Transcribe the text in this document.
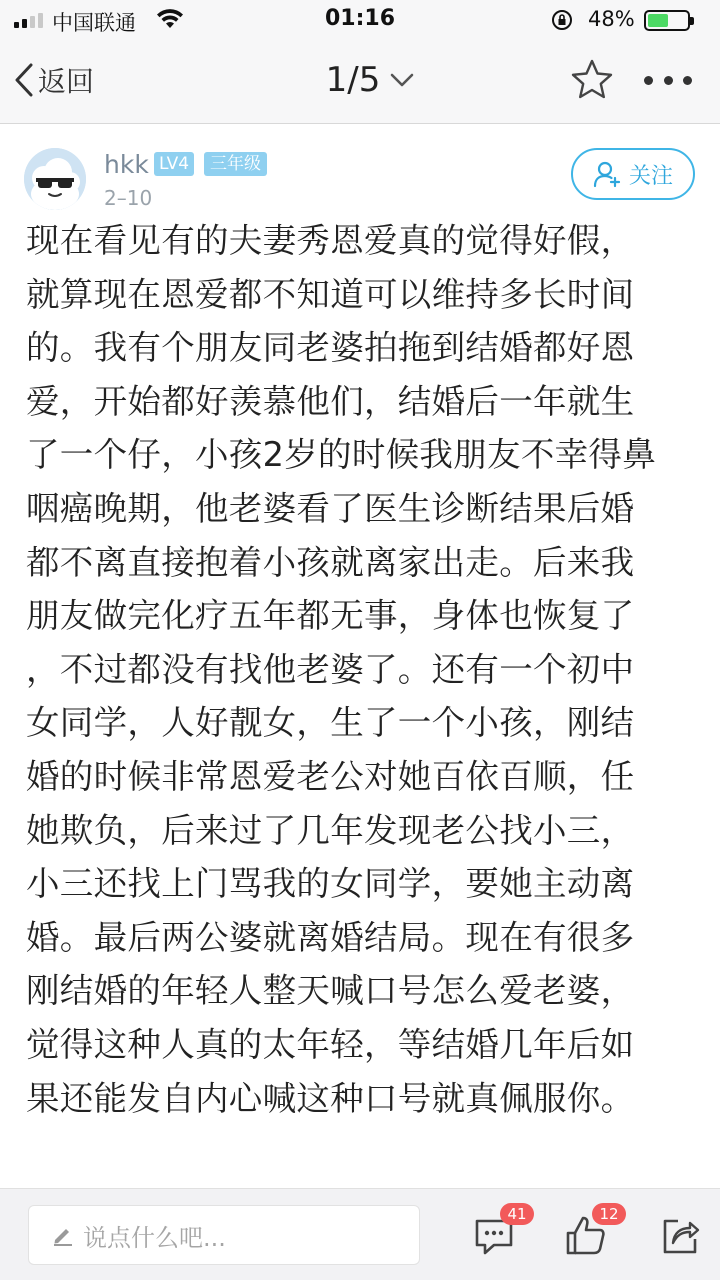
中国联通	01:16	48%
返回	1/5
hkk LV4	三年级
2–10
关注
现在看见有的夫妻秀恩爱真的觉得好假，
就算现在恩爱都不知道可以维持多长时间
的。我有个朋友同老婆拍拖到结婚都好恩
爱，开始都好羡慕他们，结婚后一年就生
了一个仔，小孩2岁的时候我朋友不幸得鼻
咽癌晚期，他老婆看了医生诊断结果后婚
都不离直接抱着小孩就离家出走。后来我
朋友做完化疗五年都无事，身体也恢复了
，不过都没有找他老婆了。还有一个初中
女同学，人好靓女，生了一个小孩，刚结
婚的时候非常恩爱老公对她百依百顺，任
她欺负，后来过了几年发现老公找小三，
小三还找上门骂我的女同学，要她主动离
婚。最后两公婆就离婚结局。现在有很多
刚结婚的年轻人整天喊口号怎么爱老婆，
觉得这种人真的太年轻，等结婚几年后如
果还能发自内心喊这种口号就真佩服你。
说点什么吧...
41	12
